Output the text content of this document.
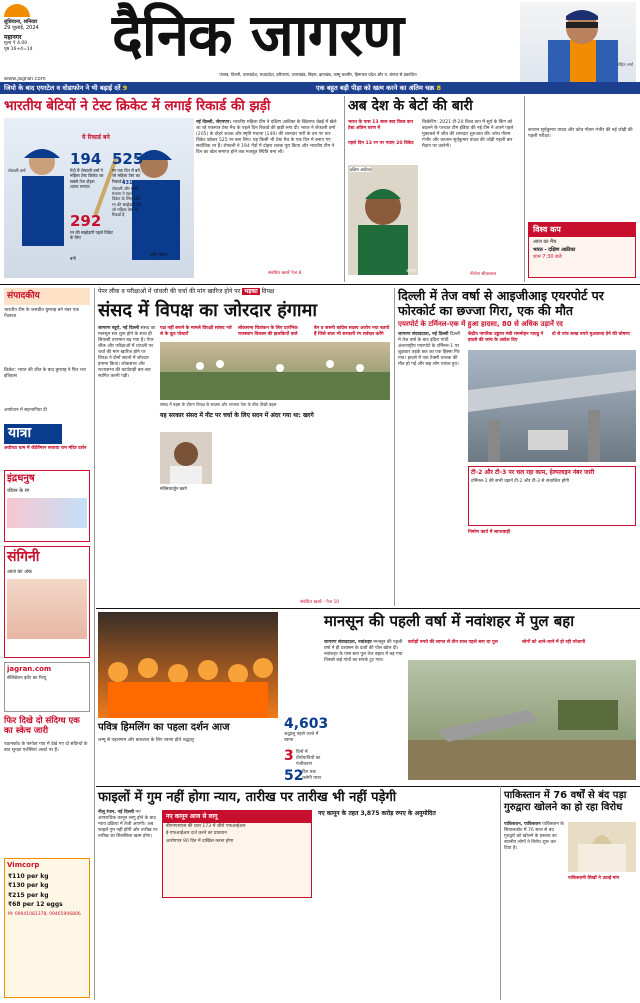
लुधियाना, शनिवार
29 जुलाई, 2024
महानगर
मूल्य ₹ 4.00
पृष्ठ 16+4=14
www.jagran.com
दैनिक जागरण
पंजाब, दिल्ली, उत्तरप्रदेश, मध्यप्रदेश, हरियाणा, उत्तराखंड, बिहार, झारखंड, जम्मू कश्मीर, हिमाचल प्रदेश और प. बंगाल से प्रकाशित
रोहित शर्मा
जियो के बाद एयरटेल व वोडाफोन ने भी बढ़ाई दरें 9	एक बहुत बड़ी पीड़ा को खत्म करने का अंतिम चक्र 8
भारतीय बेटियों ने टेस्ट क्रिकेट में लगाई रिकार्ड की झड़ी
ये रिकार्ड बने
194
गेंदों में शेफाली वर्मा ने महिला टेस्ट क्रिकेट का सबसे तेज दोहरा शतक लगाया
525
रन एक दिन में बने, जो महिला टेस्ट का रिकार्ड है
शेफाली और स्मृति मंधाना ने पहले विकेट के लिए 292 रन की साझेदारी की, जो महिला टेस्ट में रिकार्ड है
431 रन
292
रन की साझेदारी पहले विकेट के लिए
बनी
शेफाली वर्मा
स्मृति मंधाना
नई दिल्ली, जेएनएन: भारतीय महिला टीम ने दक्षिण अफ्रीका के खिलाफ चेन्नई में खेले जा रहे एकमात्र टेस्ट मैच के पहले दिन रिकार्ड की झड़ी लगा दी। भारत ने शेफाली वर्मा (205) के दोहरे शतक और स्मृति मंधाना (149) की शानदार पारी के दम पर चार विकेट खोकर 525 रन बना लिए। यह किसी भी टेस्ट मैच के एक दिन में बनाए गए सर्वाधिक रन हैं। शेफाली ने 194 गेंदों में दोहरा शतक पूरा किया और भारतीय टीम ने दिन का खेल समाप्त होने तक मजबूत स्थिति बना ली।
संबंधित खबरें पेज 8
अब देश के बेटों की बारी
भारत के पास 13 साल बाद विश्व कप टेस्ट अंतिम चरण में
पहले दिन 13 रन पर गवाए 20 विकेट
दक्षिण अफ्रीका
कप्तान
किकेटिंग: 2021 टी-20 विश्व कप में सूर्य के किंग को बदलने के पश्चात टीम इंडिया की नई टीम ने अपने पहले मुकाबले में जीत की शानदार शुरुआत की। कोच गौतम गंभीर और कप्तान सूर्यकुमार यादव की जोड़ी पहली बार मैदान पर उतरेगी।
नीलेश श्रीवास्तव
कप्तान सूर्यकुमार यादव और कोच गौतम गंभीर की नई जोड़ी की पहली परीक्षा।
विश्व कप
आज का मैच
भारत - दक्षिण अफ्रीका
शाम 7:30 बजे
संपादकीय
भारतीय टीम के जसप्रीत बुमराह बने नंबर एक गेंदबाज
क्रिकेट: भारत की जीत के बाद बुमराह ने फिर रचा इतिहास
आयोजन में सहभागिता दी
यात्रा
अयोध्या धाम में कीर्तिमान सजाया राम मंदिर दर्शन
इंद्रधनुष
जीवन के रंग
संगिनी
आज का अंक
jagran.com
सेलिब्रेशन इवेंट का रिव्यू
फिर दिखे दो संदिग्ध एक का स्केच जारी
पठानकोट के फंगोता गांव में देखे गए दो संदिग्धों के बाद सुरक्षा एजेंसियां अलर्ट पर हैं।
Vimcorp
₹110 per kg
₹130 per kg
₹215 per kg
₹68 per 12 eggs
M: 09041081378, 09465906806
पेपर लीक व परीक्षाओं में धांधली की चर्चा की मांग खारिज होने पर भड़का विपक्ष
संसद में विपक्ष का जोरदार हंगामा
जागरण ब्यूरो, नई दिल्ली संसद का मानसून सत्र शुरू होने के साथ ही सियासी तापमान बढ़ गया है। पेपर लीक और परीक्षाओं में धांधली पर चर्चा की मांग खारिज होने पर विपक्ष ने दोनों सदनों में जोरदार हंगामा किया। लोकसभा और राज्यसभा की कार्यवाही बार-बार स्थगित करनी पड़ी।
पक्ष नहीं बनाने के मामले विपक्षी सांसद नारे ले के कूट पोस्टरों
लोकसभा चित्रांकन के लिए प्रारंभिक राजस्थान विकास की झलकियों वाले
बेन व जरूरी कांग्रेस सदस्य आरोप नया बताये हैं जिसे साल भी सरकारी रंग सर्वदल करेंगे
संसद में बहस के दौरान विपक्ष के सदस्य और भाजपा नेता के बीच तीखी बहस
यह सरकार संसद में नीट पर चर्चा के लिए सदन में अंदर गया था: खरगे
मल्लिकार्जुन खरगे
संबंधित खबरें - पेज 10
दिल्ली में तेज वर्षा से आइजीआइ एयरपोर्ट पर फोरकोर्ट का छज्जा गिरा, एक की मौत
एयरपोर्ट के टर्मिनल-एक में हुआ हादसा, 80 से अधिक उड़ानें रद
जागरण संवाददाता, नई दिल्ली दिल्ली में तेज वर्षा के बाद इंदिरा गांधी अंतरराष्ट्रीय एयरपोर्ट के टर्मिनल-1 पर शुक्रवार तड़के छत का एक हिस्सा गिर गया। हादसे में एक टैक्सी चालक की मौत हो गई और छह लोग घायल हुए।
केंद्रीय नागरिक उड्डयन मंत्री राममोहन नायडू ने हादसे की जांच के आदेश दिए
दो से पांच लाख रुपये मुआवजा देने की घोषणा
टी-2 और टी-3 पर चल रहा काम, हेल्पलाइन नंबर जारी
टर्मिनल-1 की सभी उड़ानें टी-2 और टी-3 से संचालित होंगी
निर्माण कार्य में लापरवाही
मानसून की पहली वर्षा में नवांशहर में पुल बहा
जागरण संवाददाता, नवांशहर मानसून की पहली वर्षा ने ही प्रशासन के दावों की पोल खोल दी। नवांशहर के पास बना पुल तेज बहाव में बह गया जिससे कई गांवों का संपर्क टूट गया।
करोड़ों रुपये की लागत से तीन साल पहले बना था पुल	लोगों को आने-जाने में हो रही परेशानी
पवित्र हिमलिंग का पहला दर्शन आज
जम्मू से पहलगाम और बालटाल के लिए रवाना होते श्रद्धालु
4,603
श्रद्धालु पहले जत्थे में रवाना
3 दिनों में तीर्थयात्रियों का पंजीकरण
52
दिन तक चलेगी यात्रा
फाइलों में गुम नहीं होगा न्याय, तारीख पर तारीख भी नहीं पड़ेगी
नीलू रंजन, नई दिल्ली नए आपराधिक कानून लागू होने के बाद न्याय प्रक्रिया में तेजी आएगी। अब फाइलें गुम नहीं होंगी और तारीख पर तारीख का सिलसिला खत्म होगा।
नए कानून आज से लागू
बीएनएसएस की धारा 173 में जीरो एफआईआर
ई-एफआईआर दर्ज करने का प्रावधान
आरोपपत्र 90 दिन में दाखिल करना होगा
नए कानून के तहत 3,875 करोड़ रुपए के अनुमोदित
पाकिस्तान में 76 वर्षों से बंद पड़ा गुरुद्वारा खोलने का हो रहा विरोध
पाकिस्तान, पाकिस्तान पाकिस्तान के सियालकोट में 76 साल से बंद गुरुद्वारे को खोलने के प्रस्ताव का स्थानीय लोगों ने विरोध शुरू कर दिया है।
पाकिस्तानी सिखों ने उठाई मांग
